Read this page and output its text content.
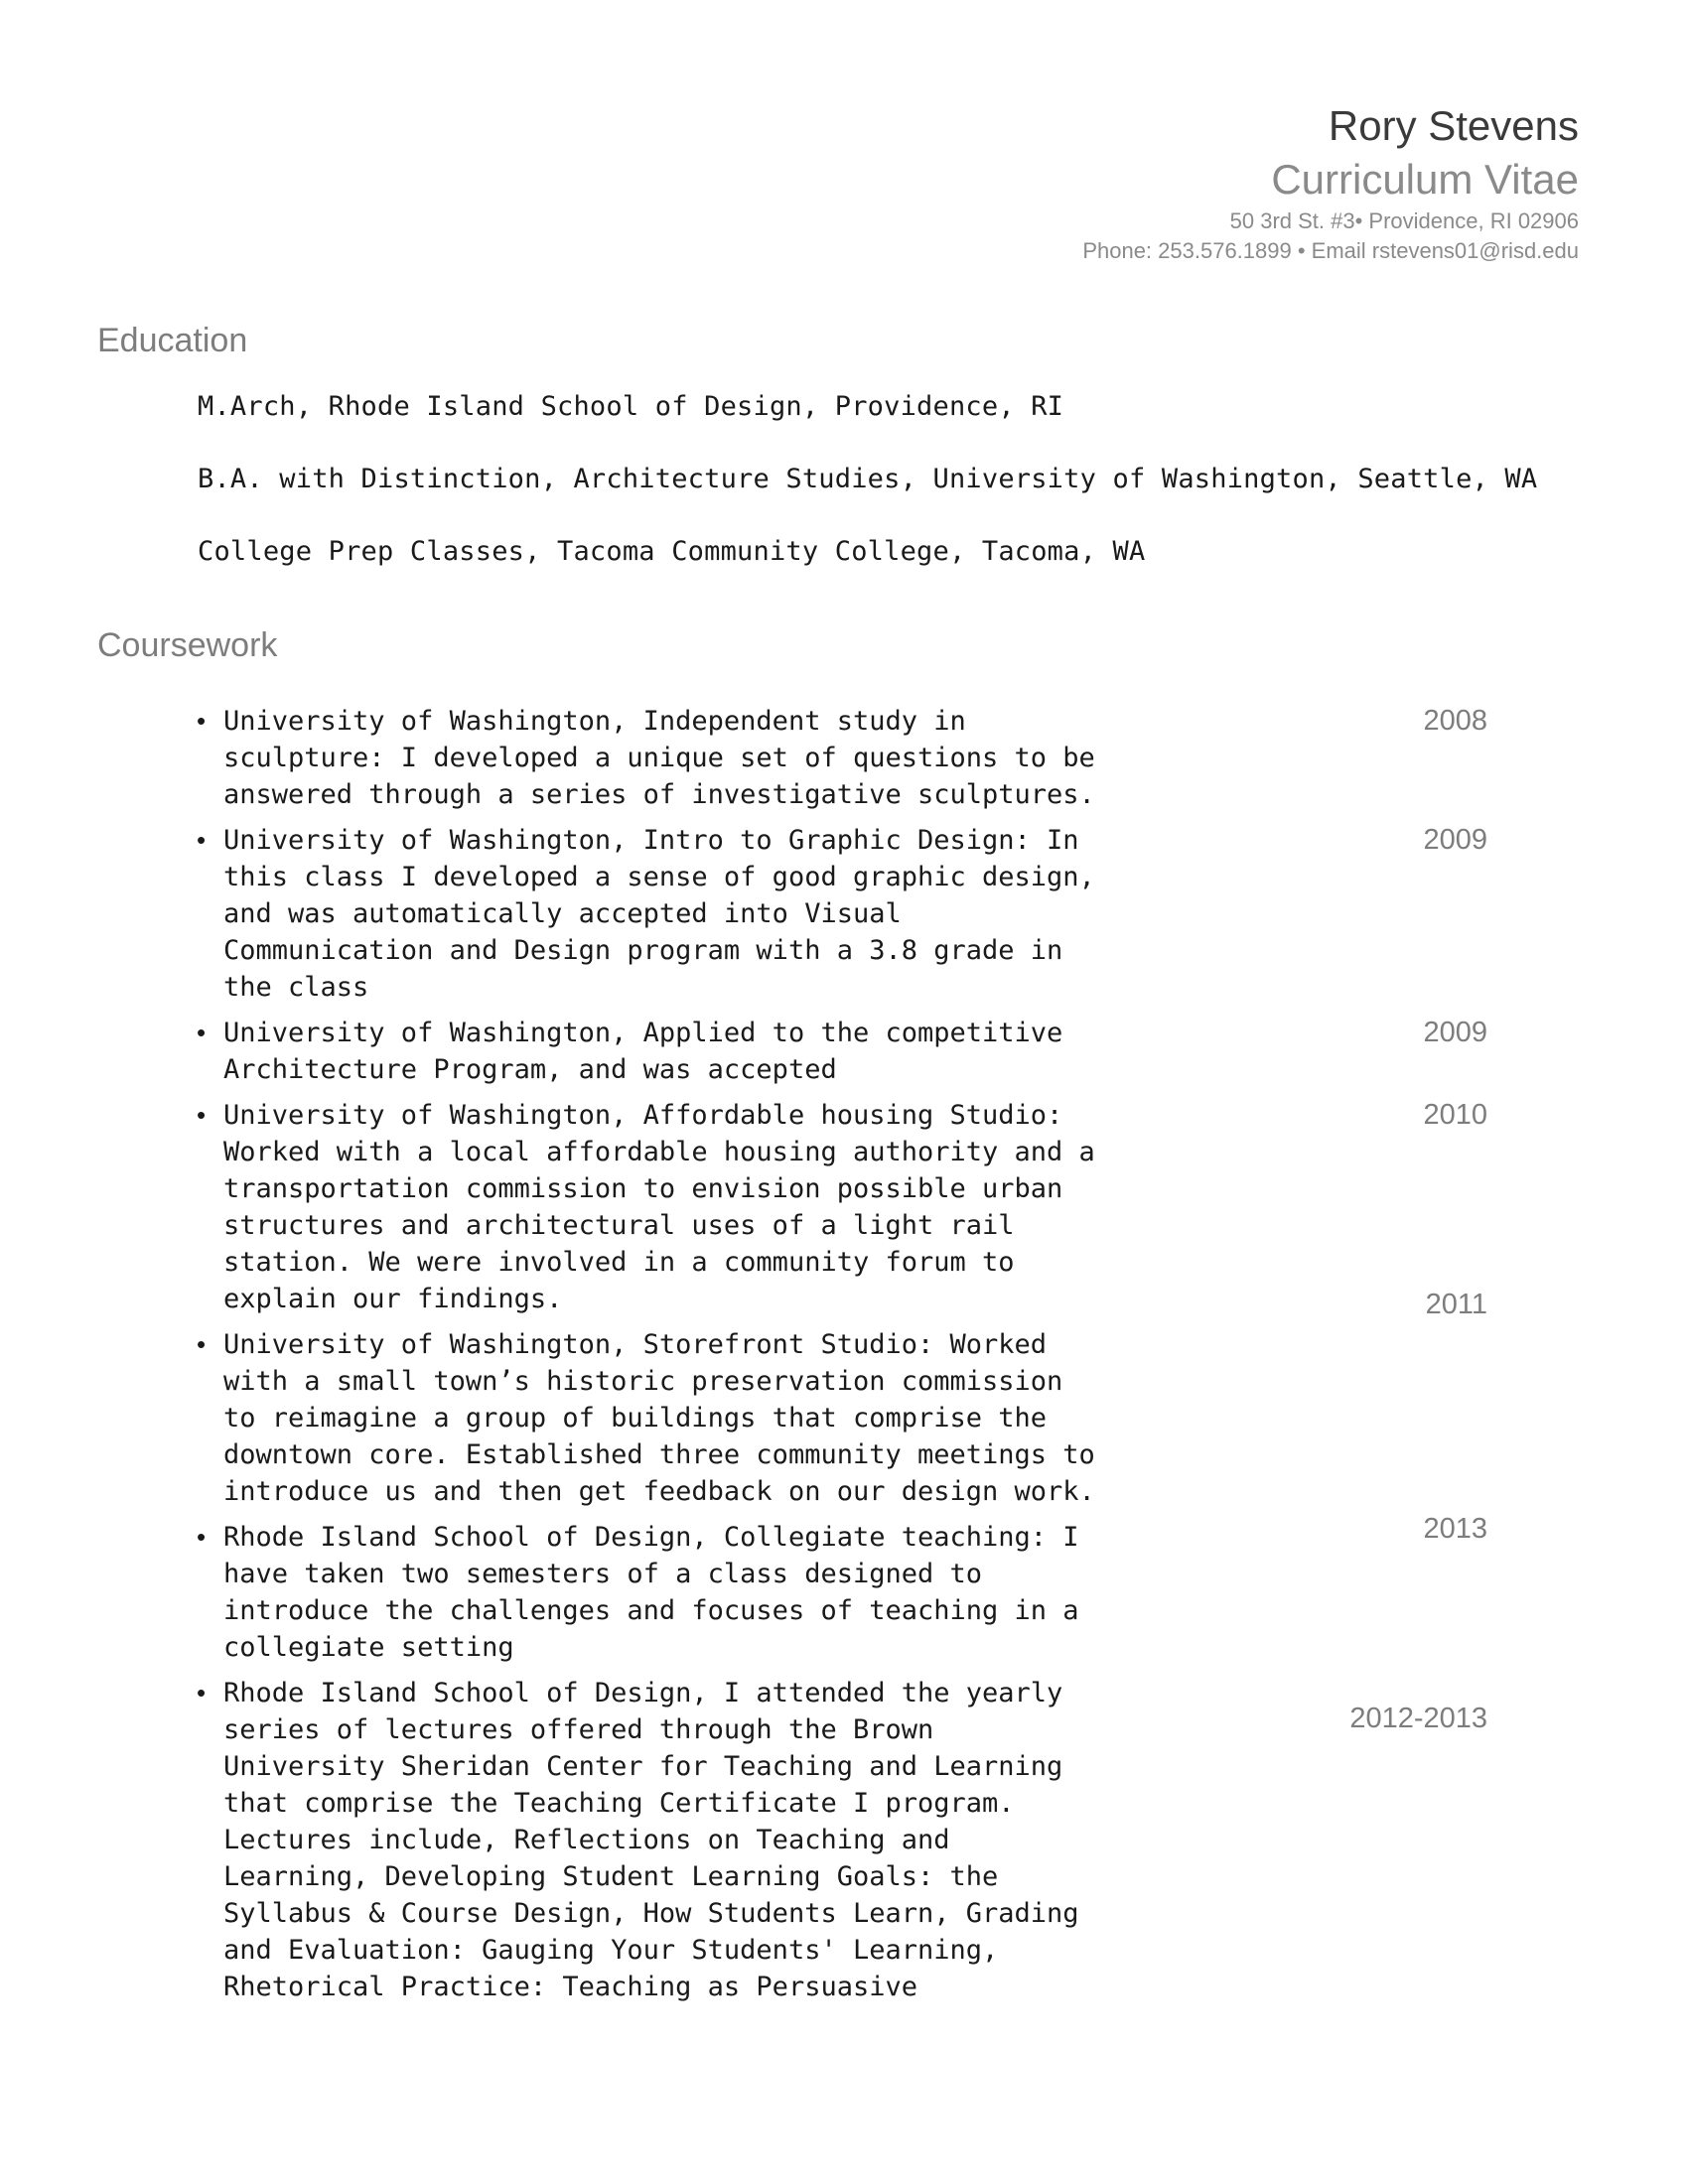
Rory Stevens
Curriculum Vitae
50 3rd St. #3• Providence, RI 02906
Phone: 253.576.1899 • Email rstevens01@risd.edu
Education
M.Arch, Rhode Island School of Design, Providence, RI
B.A. with Distinction, Architecture Studies, University of Washington, Seattle, WA
College Prep Classes, Tacoma Community College, Tacoma, WA
Coursework
• University of Washington, Independent study in sculpture: I developed a unique set of questions to be answered through a series of investigative sculptures.
2008
• University of Washington, Intro to Graphic Design: In this class I developed a sense of good graphic design, and was automatically accepted into Visual Communication and Design program with a 3.8 grade in the class
2009
• University of Washington, Applied to the competitive Architecture Program, and was accepted
2009
• University of Washington, Affordable housing Studio: Worked with a local affordable housing authority and a transportation commission to envision possible urban structures and architectural uses of a light rail station. We were involved in a community forum to explain our findings.
2010
• University of Washington, Storefront Studio: Worked with a small town’s historic preservation commission to reimagine a group of buildings that comprise the downtown core. Established three community meetings to introduce us and then get feedback on our design work.
2011
• Rhode Island School of Design, Collegiate teaching: I have taken two semesters of a class designed to introduce the challenges and focuses of teaching in a collegiate setting
2013
• Rhode Island School of Design, I attended the yearly series of lectures offered through the Brown University Sheridan Center for Teaching and Learning that comprise the Teaching Certificate I program. Lectures include, Reflections on Teaching and Learning, Developing Student Learning Goals: the Syllabus & Course Design, How Students Learn, Grading and Evaluation: Gauging Your Students' Learning, Rhetorical Practice: Teaching as Persuasive
2012-2013
